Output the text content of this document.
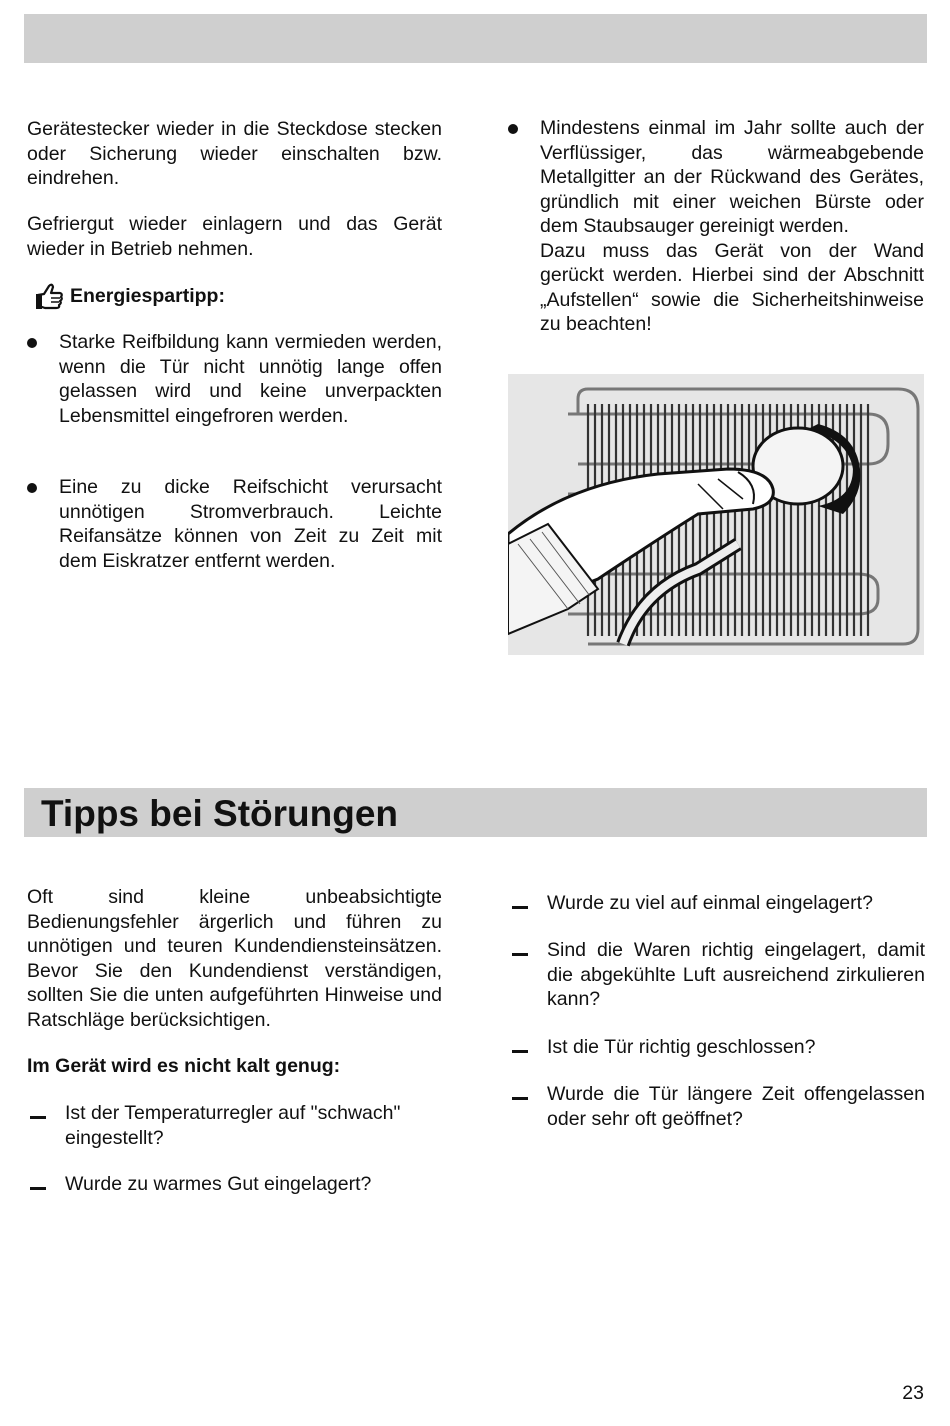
Gerätestecker wieder in die Steckdose stecken oder Sicherung wieder einschalten bzw. eindrehen.

Gefriergut wieder einlagern und das Gerät wieder in Betrieb nehmen.

Energiespartipp:

Starke Reifbildung kann vermieden werden, wenn die Tür nicht unnötig lange offen gelassen wird und keine unverpackten Lebensmittel eingefroren werden.

Eine zu dicke Reifschicht verursacht unnötigen Stromverbrauch. Leichte Reifansätze können von Zeit zu Zeit mit dem Eiskratzer entfernt werden.

Mindestens einmal im Jahr sollte auch der Verflüssiger, das wärmeabgebende Metallgitter an der Rückwand des Gerätes, gründlich mit einer weichen Bürste oder dem Staubsauger gereinigt werden.

Dazu muss das Gerät von der Wand gerückt werden. Hierbei sind der Abschnitt „Aufstellen“ sowie die Sicherheitshinweise zu beachten!

Tipps bei Störungen

Oft sind kleine unbeabsichtigte Bedienungsfehler ärgerlich und führen zu unnötigen und teuren Kundendiensteinsätzen. Bevor Sie den Kundendienst verständigen, sollten Sie die unten aufgeführten Hinweise und Ratschläge berücksichtigen.

Im Gerät wird es nicht kalt genug:

Ist der Temperaturregler auf "schwach" eingestellt?

Wurde zu warmes Gut eingelagert?

Wurde zu viel auf einmal eingelagert?

Sind die Waren richtig eingelagert, damit die abgekühlte Luft ausreichend zirkulieren kann?

Ist die Tür richtig geschlossen?

Wurde die Tür längere Zeit offengelassen oder sehr oft geöffnet?

23
